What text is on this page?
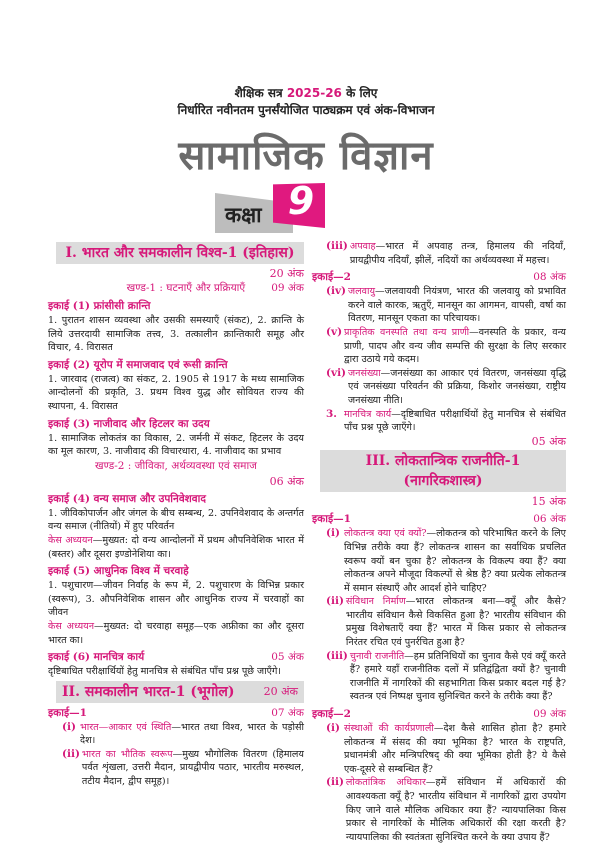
शैक्षिक सत्र 2025-26 के लिए
निर्धारित नवीनतम पुनर्संयोजित पाठ्यक्रम एवं अंक-विभाजन
सामाजिक विज्ञान
कक्षा 9
I. भारत और समकालीन विश्व-1 (इतिहास)
20 अंक
खण्ड-1 : घटनाएँ और प्रक्रियाएँ 09 अंक
इकाई (1) फ्रांसीसी क्रान्ति
1. पुरातन शासन व्यवस्था और उसकी समस्याएँ (संकट), 2. क्रान्ति के लिये उत्तरदायी सामाजिक तत्त्व, 3. तत्कालीन क्रान्तिकारी समूह और विचार, 4. विरासत
इकाई (2) यूरोप में समाजवाद एवं रूसी क्रान्ति
1. जारवाद (राजत्व) का संकट, 2. 1905 से 1917 के मध्य सामाजिक आन्दोलनों की प्रकृति, 3. प्रथम विश्व युद्ध और सोवियत राज्य की स्थापना, 4. विरासत
इकाई (3) नाजीवाद और हिटलर का उदय
1. सामाजिक लोकतंत्र का विकास, 2. जर्मनी में संकट, हिटलर के उदय का मूल कारण, 3. नाजीवाद की विचारधारा, 4. नाजीवाद का प्रभाव
खण्ड-2 : जीविका, अर्थव्यवस्था एवं समाज
06 अंक
इकाई (4) वन्य समाज और उपनिवेशवाद
1. जीविकोपार्जन और जंगल के बीच सम्बन्ध, 2. उपनिवेशवाद के अन्तर्गत वन्य समाज (नीतियों) में हुए परिवर्तन
केस अध्ययन—मुख्यत: दो वन्य आन्दोलनों में प्रथम औपनिवेशिक भारत में (बस्तर) और दूसरा इण्डोनेशिया का।
इकाई (5) आधुनिक विश्व में चरवाहे
1. पशुचारण—जीवन निर्वाह के रूप में, 2. पशुचारण के विभिन्न प्रकार (स्वरूप), 3. औपनिवेशिक शासन और आधुनिक राज्य में चरवाहों का जीवन
केस अध्ययन—मुख्यत: दो चरवाहा समूह—एक अफ्रीका का और दूसरा भारत का।
इकाई (6) मानचित्र कार्य	05 अंक
दृष्टिबाधित परीक्षार्थियों हेतु मानचित्र से संबंधित पाँच प्रश्न पूछे जाएँगे।
II. समकालीन भारत-1 (भूगोल)	20 अंक
इकाई—1	07 अंक
(i) भारत—आकार एवं स्थिति—भारत तथा विश्व, भारत के पड़ोसी देश।
(ii) भारत का भौतिक स्वरूप—मुख्य भौगोलिक वितरण (हिमालय पर्वत शृंखला, उत्तरी मैदान, प्रायद्वीपीय पठार, भारतीय मरुस्थल, तटीय मैदान, द्वीप समूह)।
(iii) अपवाह—भारत में अपवाह तन्त्र, हिमालय की नदियाँ, प्रायद्वीपीय नदियाँ, झीलें, नदियों का अर्थव्यवस्था में महत्त्व।
इकाई—2	08 अंक
(iv) जलवायु—जलवायवी नियंत्रण, भारत की जलवायु को प्रभावित करने वाले कारक, ऋतुएँ, मानसून का आगमन, वापसी, वर्षा का वितरण, मानसून एकता का परिचायक।
(v) प्राकृतिक वनस्पति तथा वन्य प्राणी—वनस्पति के प्रकार, वन्य प्राणी, पादप और वन्य जीव सम्पत्ति की सुरक्षा के लिए सरकार द्वारा उठाये गये कदम।
(vi) जनसंख्या—जनसंख्या का आकार एवं वितरण, जनसंख्या वृद्धि एवं जनसंख्या परिवर्तन की प्रक्रिया, किशोर जनसंख्या, राष्ट्रीय जनसंख्या नीति।
3. मानचित्र कार्य—दृष्टिबाधित परीक्षार्थियों हेतु मानचित्र से संबंधित पाँच प्रश्न पूछे जाएँगे।
05 अंक
III. लोकतान्त्रिक राजनीति-1 (नागरिकशास्त्र)
15 अंक
इकाई—1	06 अंक
(i) लोकतन्त्र क्या एवं क्यों?—लोकतन्त्र को परिभाषित करने के लिए विभिन्न तरीके क्या हैं? लोकतन्त्र शासन का सर्वाधिक प्रचलित स्वरूप क्यों बन चुका है? लोकतन्त्र के विकल्प क्या हैं? क्या लोकतन्त्र अपने मौजूदा विकल्पों से श्रेष्ठ है? क्या प्रत्येक लोकतन्त्र में समान संस्थाएँ और आदर्श होने चाहिए?
(ii) संविधान निर्माण—भारत लोकतन्त्र बना—क्यूँ और कैसे? भारतीय संविधान कैसे विकसित हुआ है? भारतीय संविधान की प्रमुख विशेषताएँ क्या हैं? भारत में किस प्रकार से लोकतन्त्र निरंतर रचित एवं पुनर्रचित हुआ है?
(iii) चुनावी राजनीति—हम प्रतिनिधियों का चुनाव कैसे एवं क्यूँ करते हैं? हमारे यहाँ राजनीतिक दलों में प्रतिद्वंद्विता क्यों है? चुनावी राजनीति में नागरिकों की सहभागिता किस प्रकार बदल गई है? स्वतन्त्र एवं निष्पक्ष चुनाव सुनिश्चित करने के तरीके क्या हैं?
इकाई—2	09 अंक
(i) संस्थाओं की कार्यप्रणाली—देश कैसे शासित होता है? हमारे लोकतन्त्र में संसद की क्या भूमिका है? भारत के राष्ट्रपति, प्रधानमंत्री और मन्त्रिपरिषद् की क्या भूमिका होती है? ये कैसे एक-दूसरे से सम्बन्धित हैं?
(ii) लोकतांत्रिक अधिकार—हमें संविधान में अधिकारों की आवश्यकता क्यूँ है? भारतीय संविधान में नागरिकों द्वारा उपयोग किए जाने वाले मौलिक अधिकार क्या हैं? न्यायपालिका किस प्रकार से नागरिकों के मौलिक अधिकारों की रक्षा करती है? न्यायपालिका की स्वतंत्रता सुनिश्चित करने के क्या उपाय हैं?
